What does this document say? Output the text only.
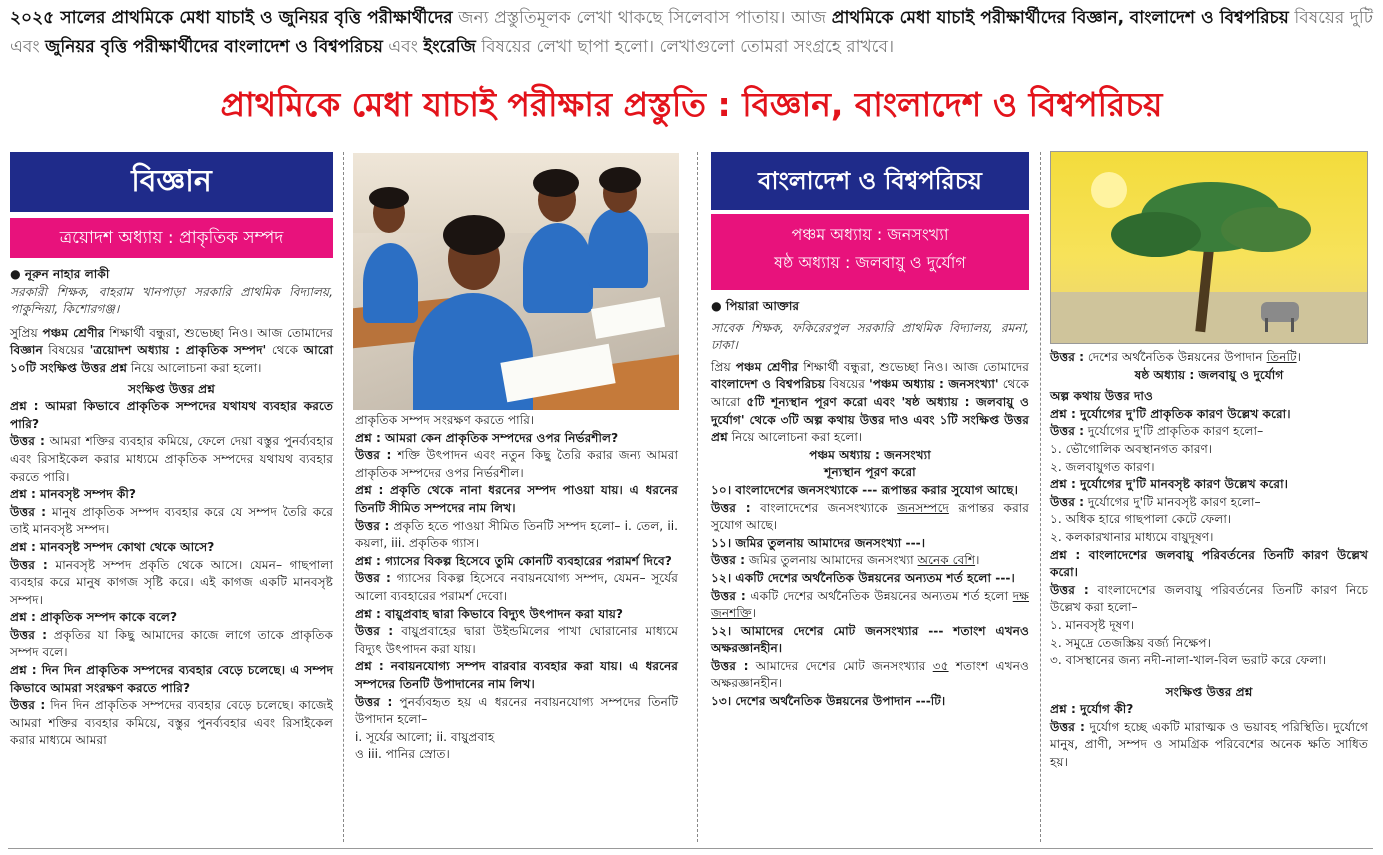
২০২৫ সালের প্রাথমিকে মেধা যাচাই ও জুনিয়র বৃত্তি পরীক্ষার্থীদের জন্য প্রস্তুতিমূলক লেখা থাকছে সিলেবাস পাতায়। আজ প্রাথমিকে মেধা যাচাই পরীক্ষার্থীদের বিজ্ঞান, বাংলাদেশ ও বিশ্বপরিচয় বিষয়ের দুটি এবং জুনিয়র বৃত্তি পরীক্ষার্থীদের বাংলাদেশ ও বিশ্বপরিচয় এবং ইংরেজি বিষয়ের লেখা ছাপা হলো। লেখাগুলো তোমরা সংগ্রহে রাখবে।
প্রাথমিকে মেধা যাচাই পরীক্ষার প্রস্তুতি : বিজ্ঞান, বাংলাদেশ ও বিশ্বপরিচয়
বিজ্ঞান
ত্রয়োদশ অধ্যায় : প্রাকৃতিক সম্পদ

● নূরুন নাহার লাকী

সরকারী শিক্ষক, বাহরাম খানপাড়া সরকারি প্রাথমিক বিদ্যালয়, পাকুন্দিয়া, কিশোরগঞ্জ।

সুপ্রিয় পঞ্চম শ্রেণীর শিক্ষার্থী বন্ধুরা, শুভেচ্ছা নিও। আজ তোমাদের বিজ্ঞান বিষয়ের 'ত্রয়োদশ অধ্যায় : প্রাকৃতিক সম্পদ' থেকে আরো ১০টি সংক্ষিপ্ত উত্তর প্রশ্ন নিয়ে আলোচনা করা হলো।

সংক্ষিপ্ত উত্তর প্রশ্ন

প্রশ্ন : আমরা কিভাবে প্রাকৃতিক সম্পদের যথাযথ ব্যবহার করতে পারি?

উত্তর : আমরা শক্তির ব্যবহার কমিয়ে, ফেলে দেয়া বস্তুর পুনর্ব্যবহার এবং রিসাইকেল করার মাধ্যমে প্রাকৃতিক সম্পদের যথাযথ ব্যবহার করতে পারি।

প্রশ্ন : মানবসৃষ্ট সম্পদ কী?

উত্তর : মানুষ প্রাকৃতিক সম্পদ ব্যবহার করে যে সম্পদ তৈরি করে তাই মানবসৃষ্ট সম্পদ।

প্রশ্ন : মানবসৃষ্ট সম্পদ কোথা থেকে আসে?

উত্তর : মানবসৃষ্ট সম্পদ প্রকৃতি থেকে আসে। যেমন– গাছপালা ব্যবহার করে মানুষ কাগজ সৃষ্টি করে। এই কাগজ একটি মানবসৃষ্ট সম্পদ।

প্রশ্ন : প্রাকৃতিক সম্পদ কাকে বলে?

উত্তর : প্রকৃতির যা কিছু আমাদের কাজে লাগে তাকে প্রাকৃতিক সম্পদ বলে।

প্রশ্ন : দিন দিন প্রাকৃতিক সম্পদের ব্যবহার বেড়ে চলেছে। এ সম্পদ কিভাবে আমরা সংরক্ষণ করতে পারি?

উত্তর : দিন দিন প্রাকৃতিক সম্পদের ব্যবহার বেড়ে চলেছে। কাজেই আমরা শক্তির ব্যবহার কমিয়ে, বস্তুর পুনর্ব্যবহার এবং রিসাইকেল করার মাধ্যমে আমরা

প্রাকৃতিক সম্পদ সংরক্ষণ করতে পারি।

প্রশ্ন : আমরা কেন প্রাকৃতিক সম্পদের ওপর নির্ভরশীল?

উত্তর : শক্তি উৎপাদন এবং নতুন কিছু তৈরি করার জন্য আমরা প্রাকৃতিক সম্পদের ওপর নির্ভরশীল।

প্রশ্ন : প্রকৃতি থেকে নানা ধরনের সম্পদ পাওয়া যায়। এ ধরনের তিনটি সীমিত সম্পদের নাম লিখ।

উত্তর : প্রকৃতি হতে পাওয়া সীমিত তিনটি সম্পদ হলো– i. তেল, ii. কয়লা, iii. প্রকৃতিক গ্যাস।

প্রশ্ন : গ্যাসের বিকল্প হিসেবে তুমি কোনটি ব্যবহারের পরামর্শ দিবে?

উত্তর : গ্যাসের বিকল্প হিসেবে নবায়নযোগ্য সম্পদ, যেমন– সূর্যের আলো ব্যবহারের পরামর্শ দেবো।

প্রশ্ন : বায়ুপ্রবাহ দ্বারা কিভাবে বিদ্যুৎ উৎপাদন করা যায়?

উত্তর : বায়ুপ্রবাহের দ্বারা উইন্ডমিলের পাখা ঘোরানোর মাধ্যমে বিদ্যুৎ উৎপাদন করা যায়।

প্রশ্ন : নবায়নযোগ্য সম্পদ বারবার ব্যবহার করা যায়। এ ধরনের সম্পদের তিনটি উপাদানের নাম লিখ।

উত্তর : পুনর্ব্যবহৃত হয় এ ধরনের নবায়নযোগ্য সম্পদের তিনটি উপাদান হলো–

i. সূর্যের আলো; ii. বায়ুপ্রবাহ

ও iii. পানির স্রোত।

বাংলাদেশ ও বিশ্বপরিচয়
পঞ্চম অধ্যায় : জনসংখ্যা
ষষ্ঠ অধ্যায় : জলবায়ু ও দুর্যোগ

● পিয়ারা আক্তার

সাবেক শিক্ষক, ফকিরেরপুল সরকারি প্রাথমিক বিদ্যালয়, রমনা, ঢাকা।

প্রিয় পঞ্চম শ্রেণীর শিক্ষার্থী বন্ধুরা, শুভেচ্ছা নিও। আজ তোমাদের বাংলাদেশ ও বিশ্বপরিচয় বিষয়ের 'পঞ্চম অধ্যায় : জনসংখ্যা' থেকে আরো ৫টি শূন্যস্থান পূরণ করো এবং 'ষষ্ঠ অধ্যায় : জলবায়ু ও দুর্যোগ' থেকে ৩টি অল্প কথায় উত্তর দাও এবং ১টি সংক্ষিপ্ত উত্তর প্রশ্ন নিয়ে আলোচনা করা হলো।

পঞ্চম অধ্যায় : জনসংখ্যা

শূন্যস্থান পূরণ করো

১০। বাংলাদেশের জনসংখ্যাকে --- রূপান্তর করার সুযোগ আছে।

উত্তর : বাংলাদেশের জনসংখ্যাকে জনসম্পদে রূপান্তর করার সুযোগ আছে।

১১। জমির তুলনায় আমাদের জনসংখ্যা ---।

উত্তর : জমির তুলনায় আমাদের জনসংখ্যা অনেক বেশি।

১২। একটি দেশের অর্থনৈতিক উন্নয়নের অন্যতম শর্ত হলো ---।

উত্তর : একটি দেশের অর্থনৈতিক উন্নয়নের অন্যতম শর্ত হলো দক্ষ জনশক্তি।

১২। আমাদের দেশের মোট জনসংখ্যার --- শতাংশ এখনও অক্ষরজ্ঞানহীন।

উত্তর : আমাদের দেশের মোট জনসংখ্যার ৩৫ শতাংশ এখনও অক্ষরজ্ঞানহীন।

১৩। দেশের অর্থনৈতিক উন্নয়নের উপাদান ---টি।

উত্তর : দেশের অর্থনৈতিক উন্নয়নের উপাদান তিনটি।

ষষ্ঠ অধ্যায় : জলবায়ু ও দুর্যোগ

অল্প কথায় উত্তর দাও

প্রশ্ন : দুর্যোগের দু'টি প্রাকৃতিক কারণ উল্লেখ করো।

উত্তর : দুর্যোগের দু'টি প্রাকৃতিক কারণ হলো–

১. ভৌগোলিক অবস্থানগত কারণ।

২. জলবায়ুগত কারণ।

প্রশ্ন : দুর্যোগের দু'টি মানবসৃষ্ট কারণ উল্লেখ করো।

উত্তর : দুর্যোগের দু'টি মানবসৃষ্ট কারণ হলো–

১. অধিক হারে গাছপালা কেটে ফেলা।

২. কলকারখানার মাধ্যমে বায়ুদূষণ।

প্রশ্ন : বাংলাদেশের জলবায়ু পরিবর্তনের তিনটি কারণ উল্লেখ করো।

উত্তর : বাংলাদেশের জলবায়ু পরিবর্তনের তিনটি কারণ নিচে উল্লেখ করা হলো–

১. মানবসৃষ্ট দূষণ।

২. সমুদ্রে তেজস্ক্রিয় বর্জ্য নিক্ষেপ।

৩. বাসস্থানের জন্য নদী-নালা-খাল-বিল ভরাট করে ফেলা।

সংক্ষিপ্ত উত্তর প্রশ্ন

প্রশ্ন : দুর্যোগ কী?

উত্তর : দুর্যোগ হচ্ছে একটি মারাত্মক ও ভয়াবহ পরিস্থিতি। দুর্যোগে মানুষ, প্রাণী, সম্পদ ও সামগ্রিক পরিবেশের অনেক ক্ষতি সাধিত হয়।
